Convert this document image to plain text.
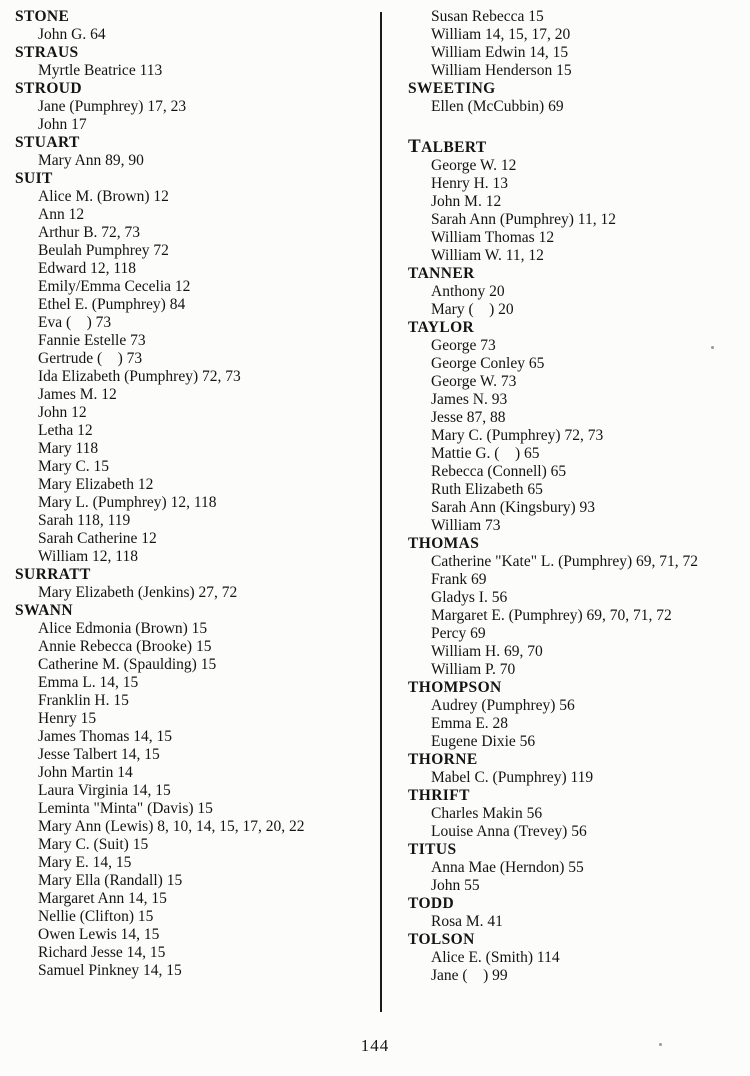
STONE
John G. 64
STRAUS
Myrtle Beatrice 113
STROUD
Jane (Pumphrey) 17, 23
John 17
STUART
Mary Ann 89, 90
SUIT
Alice M. (Brown) 12
Ann 12
Arthur B. 72, 73
Beulah Pumphrey 72
Edward 12, 118
Emily/Emma Cecelia 12
Ethel E. (Pumphrey) 84
Eva (    ) 73
Fannie Estelle 73
Gertrude (    ) 73
Ida Elizabeth (Pumphrey) 72, 73
James M. 12
John 12
Letha 12
Mary 118
Mary C. 15
Mary Elizabeth 12
Mary L. (Pumphrey) 12, 118
Sarah 118, 119
Sarah Catherine 12
William 12, 118
SURRATT
Mary Elizabeth (Jenkins) 27, 72
SWANN
Alice Edmonia (Brown) 15
Annie Rebecca (Brooke) 15
Catherine M. (Spaulding) 15
Emma L. 14, 15
Franklin H. 15
Henry 15
James Thomas 14, 15
Jesse Talbert 14, 15
John Martin 14
Laura Virginia 14, 15
Leminta "Minta" (Davis) 15
Mary Ann (Lewis) 8, 10, 14, 15, 17, 20, 22
Mary C. (Suit) 15
Mary E. 14, 15
Mary Ella (Randall) 15
Margaret Ann 14, 15
Nellie (Clifton) 15
Owen Lewis 14, 15
Richard Jesse 14, 15
Samuel Pinkney 14, 15
Susan Rebecca 15
William 14, 15, 17, 20
William Edwin 14, 15
William Henderson 15
SWEETING
Ellen (McCubbin) 69
TALBERT
George W. 12
Henry H. 13
John M. 12
Sarah Ann (Pumphrey) 11, 12
William Thomas 12
William W. 11, 12
TANNER
Anthony 20
Mary (    ) 20
TAYLOR
George 73
George Conley 65
George W. 73
James N. 93
Jesse 87, 88
Mary C. (Pumphrey) 72, 73
Mattie G. (    ) 65
Rebecca (Connell) 65
Ruth Elizabeth 65
Sarah Ann (Kingsbury) 93
William 73
THOMAS
Catherine "Kate" L. (Pumphrey) 69, 71, 72
Frank 69
Gladys I. 56
Margaret E. (Pumphrey) 69, 70, 71, 72
Percy 69
William H. 69, 70
William P. 70
THOMPSON
Audrey (Pumphrey) 56
Emma E. 28
Eugene Dixie 56
THORNE
Mabel C. (Pumphrey) 119
THRIFT
Charles Makin 56
Louise Anna (Trevey) 56
TITUS
Anna Mae (Herndon) 55
John 55
TODD
Rosa M. 41
TOLSON
Alice E. (Smith) 114
Jane (    ) 99
144
